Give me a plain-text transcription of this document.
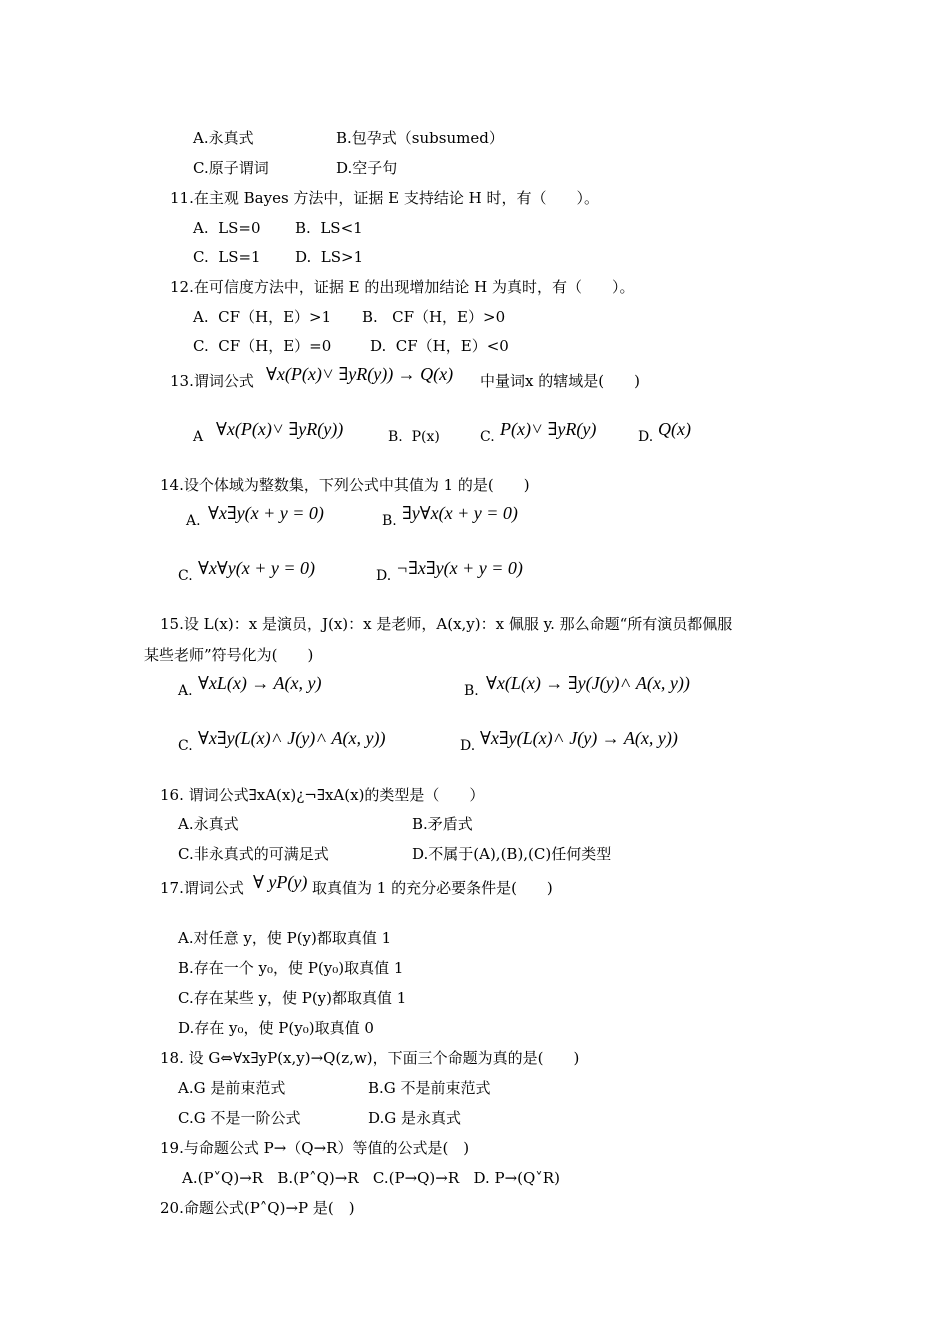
A.永真式	B.包孕式（subsumed）
C.原子谓词	D.空子句
11.在主观 Bayes 方法中，证据 E 支持结论 H 时，有（　　）。
A.  LS=0 B.  LS<1
C.  LS=1 D.  LS>1
12.在可信度方法中，证据 E 的出现增加结论 H 为真时，有（　　）。
A.  CF（H，E）>1 B.   CF（H，E）>0
C.  CF（H，E）=0	D.  CF（H，E）<0
13.谓词公式 ∀x(P(x)˅ ∃yR(y)) → Q(x) 中量词x 的辖域是(　　)
A ∀x(P(x)˅ ∃yR(y))	B.  P(x)	C. P(x)˅ ∃yR(y)	D. Q(x)
14.设个体域为整数集，下列公式中其值为 1 的是(　　)
A. ∀x∃y(x + y = 0)	B. ∃y∀x(x + y = 0)
C. ∀x∀y(x + y = 0)	D. ¬∃x∃y(x + y = 0)
15.设 L(x)：x 是演员，J(x)：x 是老师，A(x,y)：x 佩服 y. 那么命题“所有演员都佩服
某些老师”符号化为(　　)
A. ∀xL(x) → A(x, y)	B. ∀x(L(x) → ∃y(J(y)˄ A(x, y))
C. ∀x∃y(L(x)˄ J(y)˄ A(x, y))	D. ∀x∃y(L(x)˄ J(y) → A(x, y))
16. 谓词公式∃xA(x)¿¬∃xA(x)的类型是（　　）
A.永真式	B.矛盾式
C.非永真式的可满足式	D.不属于(A),(B),(C)任何类型
17.谓词公式 ∀ yP(y) 取真值为 1 的充分必要条件是(　　)
A.对任意 y，使 P(y)都取真值 1
B.存在一个 y₀，使 P(y₀)取真值 1
C.存在某些 y，使 P(y)都取真值 1
D.存在 y₀，使 P(y₀)取真值 0
18. 设 G⇔∀x∃yP(x,y)→Q(z,w)，下面三个命题为真的是(　　)
A.G 是前束范式	B.G 不是前束范式
C.G 不是一阶公式	D.G 是永真式
19.与命题公式 P→（Q→R）等值的公式是(　)
A.(P˅Q)→R   B.(P˄Q)→R   C.(P→Q)→R   D. P→(Q˅R)
20.命题公式(P˄Q)→P 是(　)
